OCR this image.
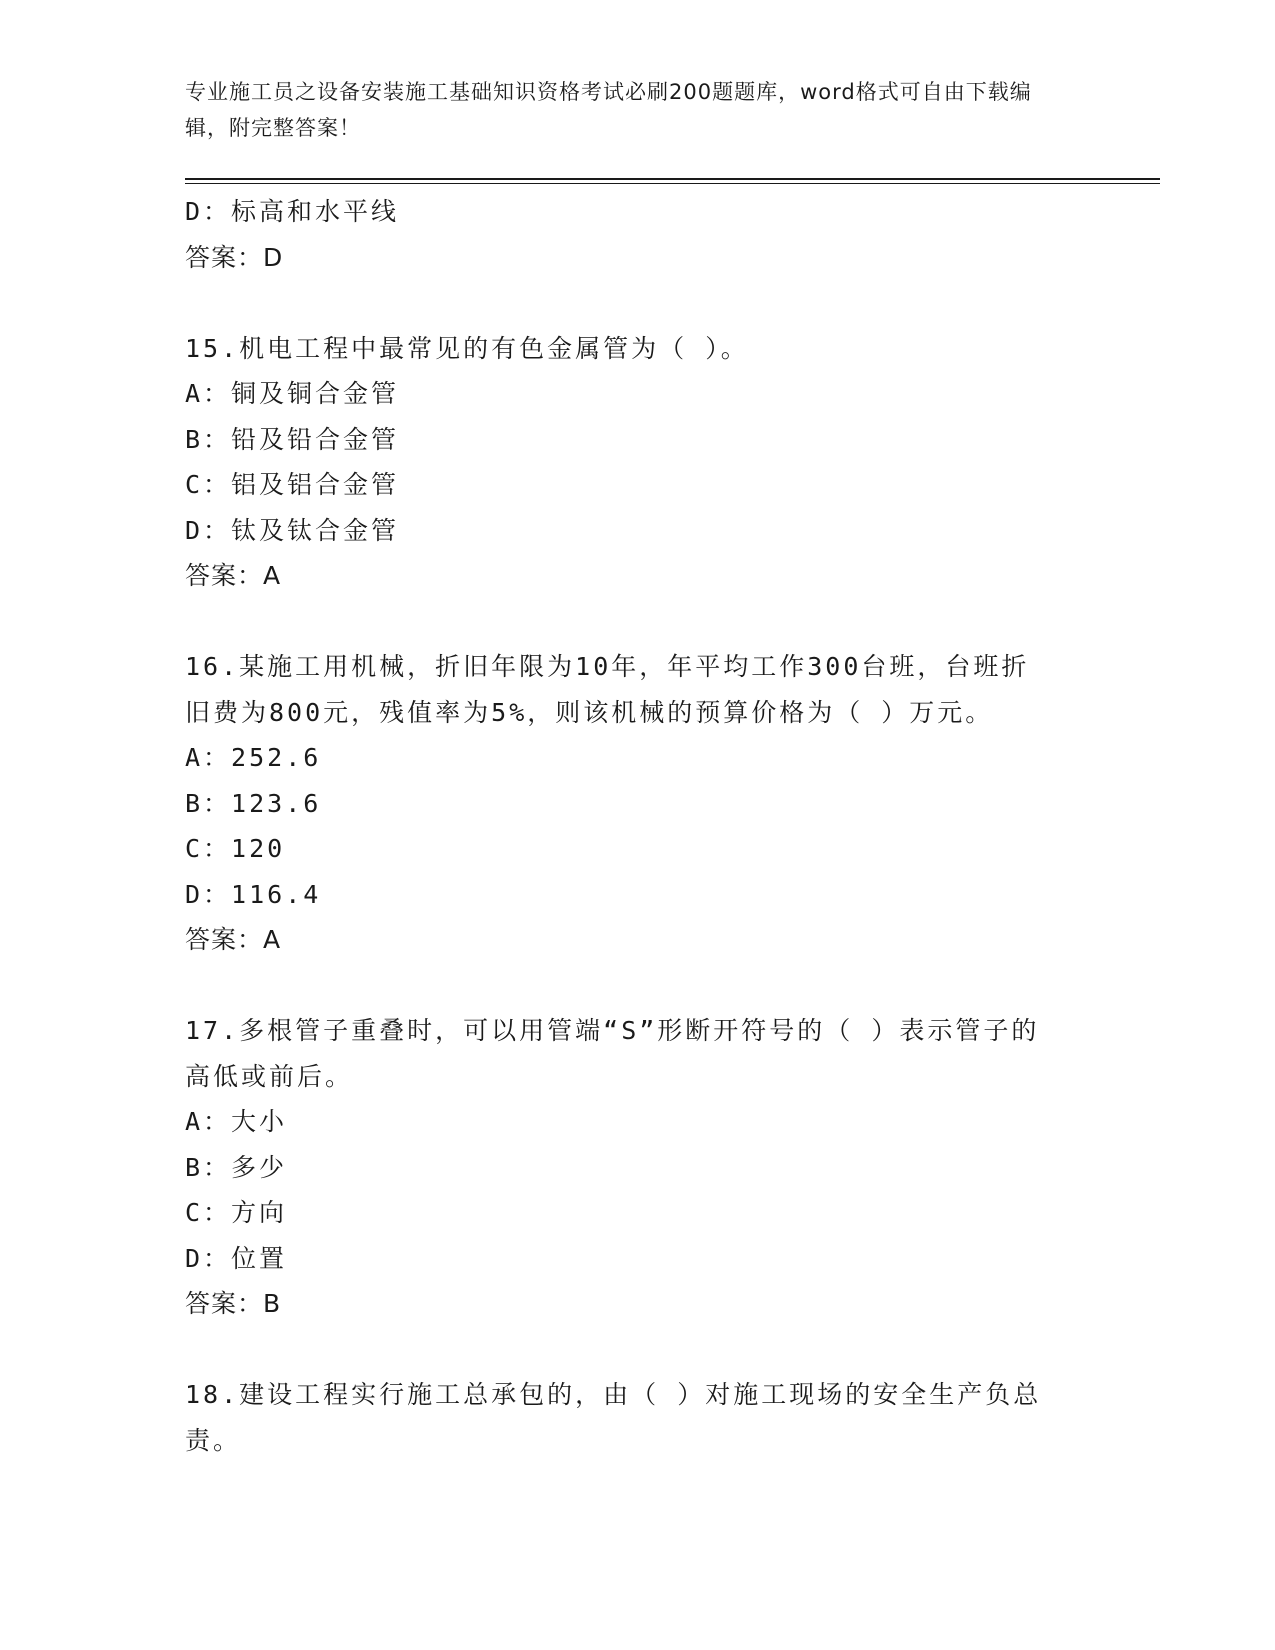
专业施工员之设备安装施工基础知识资格考试必刷200题题库，word格式可自由下载编辑，附完整答案！
D：标高和水平线
答案：D
15.机电工程中最常见的有色金属管为（ ）。
A：铜及铜合金管
B：铅及铅合金管
C：铝及铝合金管
D：钛及钛合金管
答案：A
16.某施工用机械，折旧年限为10年，年平均工作300台班，台班折
旧费为800元，残值率为5%，则该机械的预算价格为（ ）万元。
A：252.6
B：123.6
C：120
D：116.4
答案：A
17.多根管子重叠时，可以用管端“S”形断开符号的（ ）表示管子的
高低或前后。
A：大小
B：多少
C：方向
D：位置
答案：B
18.建设工程实行施工总承包的，由（ ）对施工现场的安全生产负总
责。
